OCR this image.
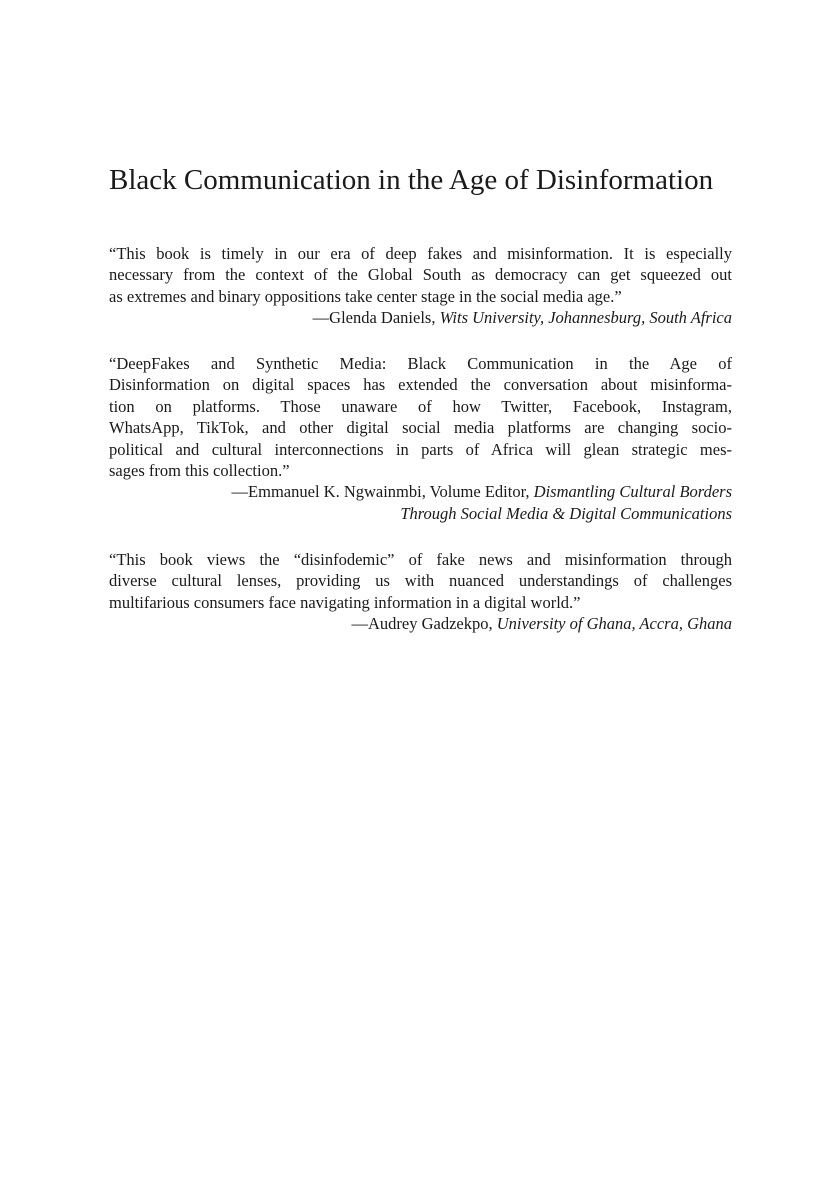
Black Communication in the Age of Disinformation
“This book is timely in our era of deep fakes and misinformation. It is especially
necessary from the context of the Global South as democracy can get squeezed out
as extremes and binary oppositions take center stage in the social media age.”
—Glenda Daniels, Wits University, Johannesburg, South Africa
“DeepFakes and Synthetic Media: Black Communication in the Age of
Disinformation on digital spaces has extended the conversation about misinforma-
tion on platforms. Those unaware of how Twitter, Facebook, Instagram,
WhatsApp, TikTok, and other digital social media platforms are changing socio-
political and cultural interconnections in parts of Africa will glean strategic mes-
sages from this collection.”
—Emmanuel K. Ngwainmbi, Volume Editor, Dismantling Cultural Borders
Through Social Media & Digital Communications
“This book views the “disinfodemic” of fake news and misinformation through
diverse cultural lenses, providing us with nuanced understandings of challenges
multifarious consumers face navigating information in a digital world.”
—Audrey Gadzekpo, University of Ghana, Accra, Ghana
